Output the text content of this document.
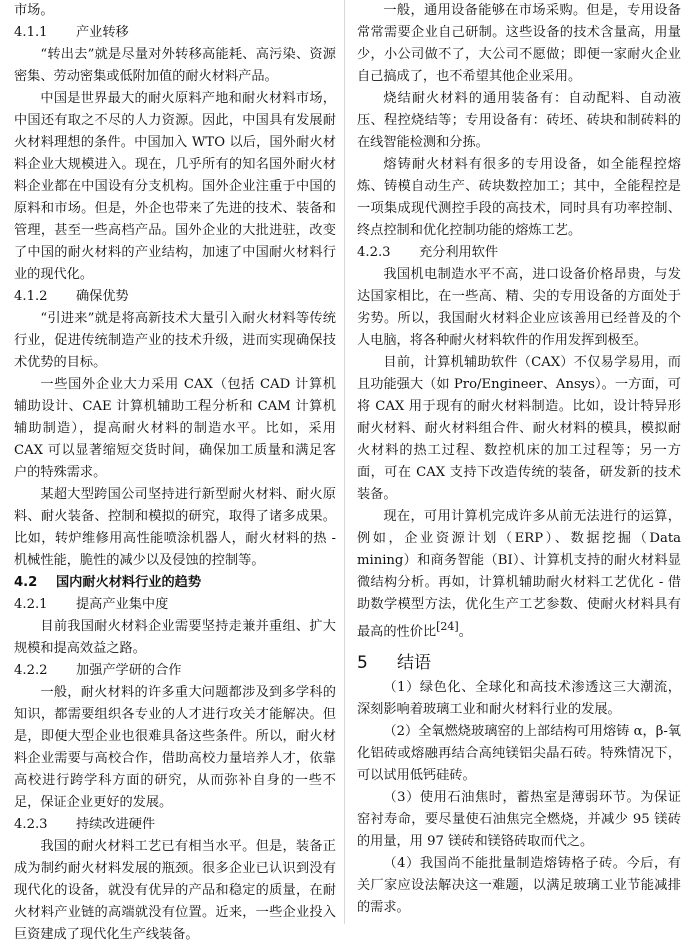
市场。

4.1.1 产业转移

“转出去”就是尽量对外转移高能耗、高污染、资源密集、劳动密集或低附加值的耐火材料产品。

中国是世界最大的耐火原料产地和耐火材料市场，中国还有取之不尽的人力资源。因此，中国具有发展耐火材料理想的条件。中国加入 WTO 以后，国外耐火材料企业大规模进入。现在，几乎所有的知名国外耐火材料企业都在中国设有分支机构。国外企业注重于中国的原料和市场。但是，外企也带来了先进的技术、装备和管理，甚至一些高档产品。国外企业的大批进驻，改变了中国的耐火材料的产业结构，加速了中国耐火材料行业的现代化。

4.1.2 确保优势

“引进来”就是将高新技术大量引入耐火材料等传统行业，促进传统制造产业的技术升级，进而实现确保技术优势的目标。

一些国外企业大力采用 CAX（包括 CAD 计算机辅助设计、CAE 计算机辅助工程分析和 CAM 计算机辅助制造），提高耐火材料的制造水平。比如，采用 CAX 可以显著缩短交货时间，确保加工质量和满足客户的特殊需求。

某超大型跨国公司坚持进行新型耐火材料、耐火原料、耐火装备、控制和模拟的研究，取得了诸多成果。比如，转炉维修用高性能喷涂机器人，耐火材料的热 - 机械性能，脆性的减少以及侵蚀的控制等。

4.2 国内耐火材料行业的趋势

4.2.1 提高产业集中度

目前我国耐火材料企业需要坚持走兼并重组、扩大规模和提高效益之路。

4.2.2 加强产学研的合作

一般，耐火材料的许多重大问题都涉及到多学科的知识，都需要组织各专业的人才进行攻关才能解决。但是，即便大型企业也很难具备这些条件。所以，耐火材料企业需要与高校合作，借助高校力量培养人才，依靠高校进行跨学科方面的研究，从而弥补自身的一些不足，保证企业更好的发展。

4.2.3 持续改进硬件

我国的耐火材料工艺已有相当水平。但是，装备正成为制约耐火材料发展的瓶颈。很多企业已认识到没有现代化的设备，就没有优异的产品和稳定的质量，在耐火材料产业链的高端就没有位置。近来，一些企业投入巨资建成了现代化生产线装备。

一般，通用设备能够在市场采购。但是，专用设备常常需要企业自己研制。这些设备的技术含量高，用量少，小公司做不了，大公司不愿做；即便一家耐火企业自己搞成了，也不希望其他企业采用。

烧结耐火材料的通用装备有：自动配料、自动液压、程控烧结等；专用设备有：砖坯、砖块和制砖料的在线智能检测和分拣。

熔铸耐火材料有很多的专用设备，如全能程控熔炼、铸模自动生产、砖块数控加工；其中，全能程控是一项集成现代测控手段的高技术，同时具有功率控制、终点控制和优化控制功能的熔炼工艺。

4.2.3 充分利用软件

我国机电制造水平不高，进口设备价格昂贵，与发达国家相比，在一些高、精、尖的专用设备的方面处于劣势。所以，我国耐火材料企业应该善用已经普及的个人电脑，将各种耐火材料软件的作用发挥到极至。

目前，计算机辅助软件（CAX）不仅易学易用，而且功能强大（如 Pro/Engineer、Ansys）。一方面，可将 CAX 用于现有的耐火材料制造。比如，设计特异形耐火材料、耐火材料组合件、耐火材料的模具，模拟耐火材料的热工过程、数控机床的加工过程等；另一方面，可在 CAX 支持下改造传统的装备，研发新的技术装备。

现在，可用计算机完成许多从前无法进行的运算，例如，企业资源计划（ERP）、数据挖掘（Data mining）和商务智能（BI）、计算机支持的耐火材料显微结构分析。再如，计算机辅助耐火材料工艺优化 - 借助数学模型方法，优化生产工艺参数、使耐火材料具有最高的性价比[24]。

5 结语

（1）绿色化、全球化和高技术渗透这三大潮流，深刻影响着玻璃工业和耐火材料行业的发展。

（2）全氧燃烧玻璃窑的上部结构可用熔铸 α，β-氧化铝砖或熔融再结合高纯镁铝尖晶石砖。特殊情况下，可以试用低钙硅砖。

（3）使用石油焦时，蓄热室是薄弱环节。为保证窑衬寿命，要尽量使石油焦完全燃烧，并减少 95 镁砖的用量，用 97 镁砖和镁铬砖取而代之。

（4）我国尚不能批量制造熔铸格子砖。今后，有关厂家应设法解决这一难题，以满足玻璃工业节能减排的需求。
